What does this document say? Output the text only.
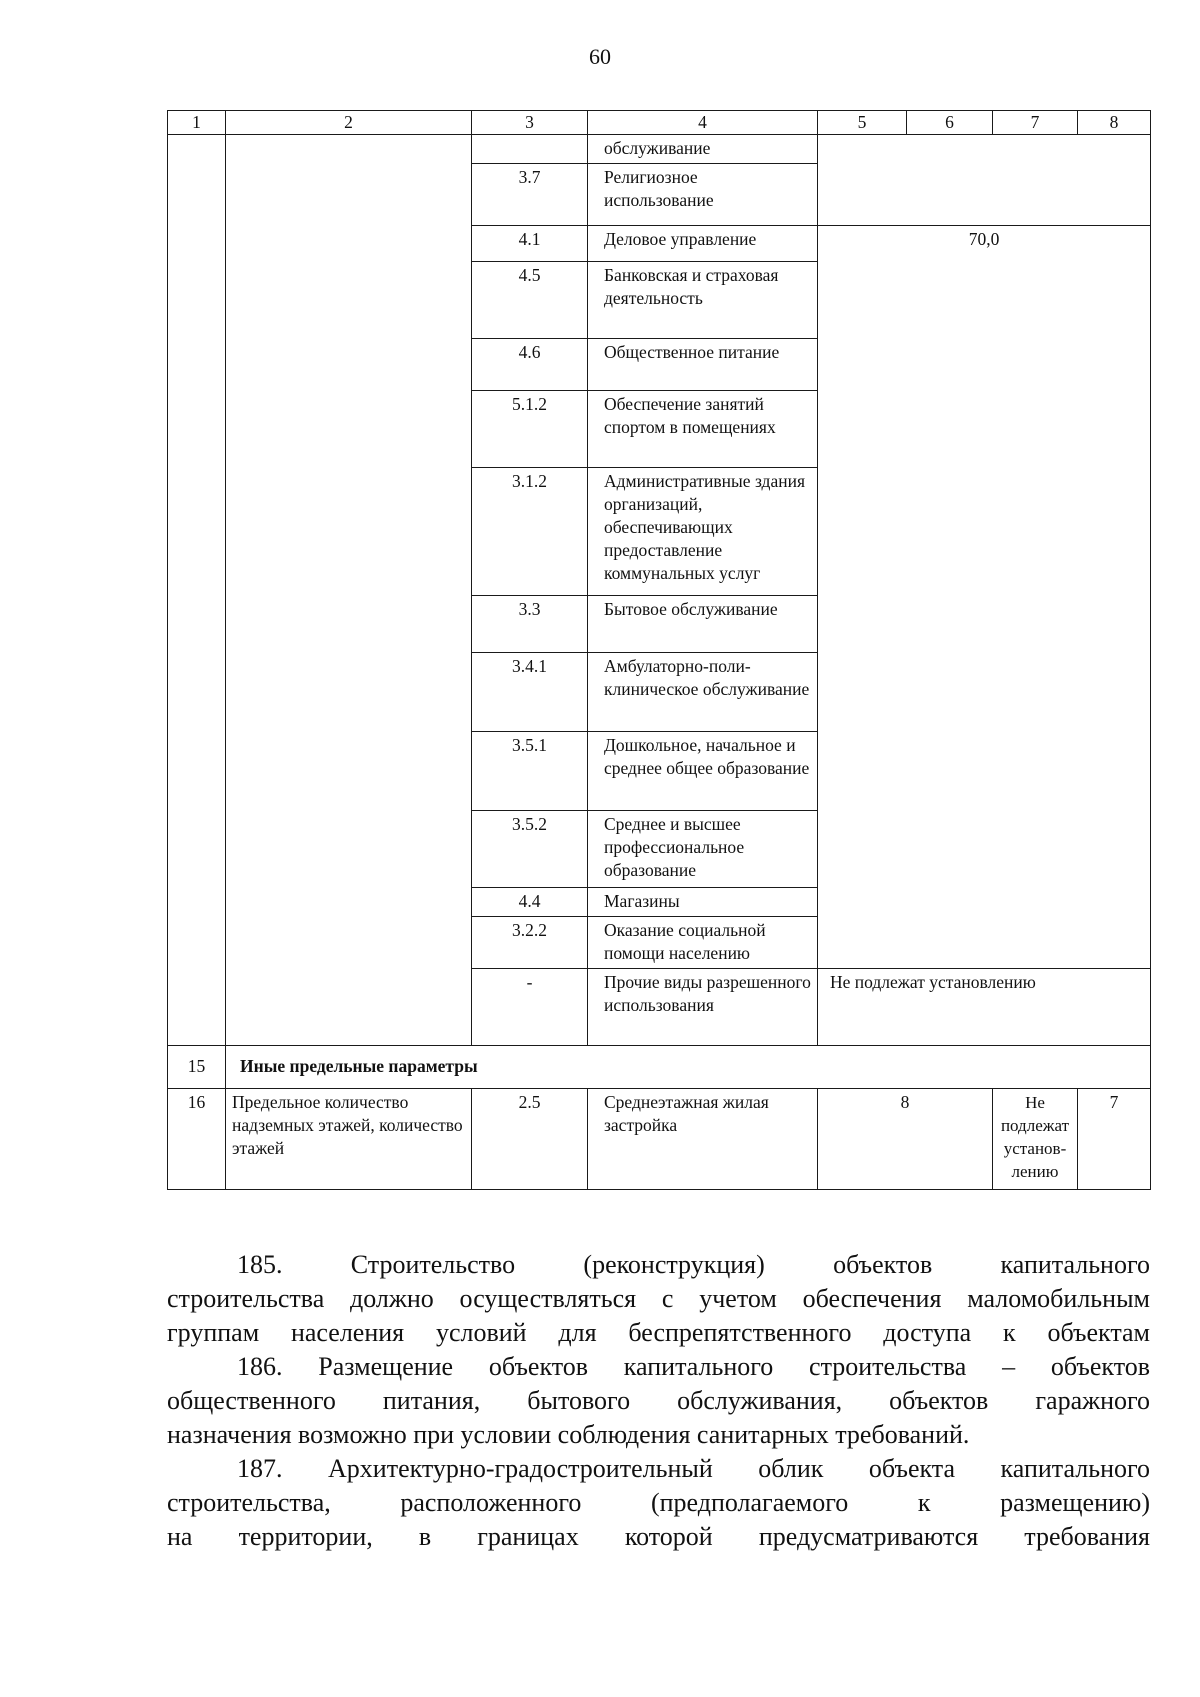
60
1	2	3	4	5	6	7	8
			обслуживание				
		3.7	Религиозное использование				
		4.1	Деловое управление	70,0			
		4.5	Банковская и страховая деятельность				
		4.6	Общественное питание				
		5.1.2	Обеспечение занятий спортом в помещениях				
		3.1.2	Административные здания организаций, обеспечивающих предоставление коммунальных услуг				
		3.3	Бытовое обслуживание				
		3.4.1	Амбулаторно-поли-клиническое обслуживание				
		3.5.1	Дошкольное, начальное и среднее общее образование				
		3.5.2	Среднее и высшее профессиональное образование				
		4.4	Магазины				
		3.2.2	Оказание социальной помощи населению				
		-	Прочие виды разрешенного использования	Не подлежат установлению			
15	Иные предельные параметры						
16	Предельное количество надземных этажей, количество этажей	2.5	Среднеэтажная жилая застройка	8		Не подлежат установ-лению	7
185. Строительство (реконструкция) объектов капитального
строительства должно осуществляться с учетом обеспечения маломобильным
группам населения условий для беспрепятственного доступа к объектам
186. Размещение объектов капитального строительства – объектов
общественного питания, бытового обслуживания, объектов гаражного
назначения возможно при условии соблюдения санитарных требований.
187. Архитектурно-градостроительный облик объекта капитального
строительства, расположенного (предполагаемого к размещению)
на территории, в границах которой предусматриваются требования
